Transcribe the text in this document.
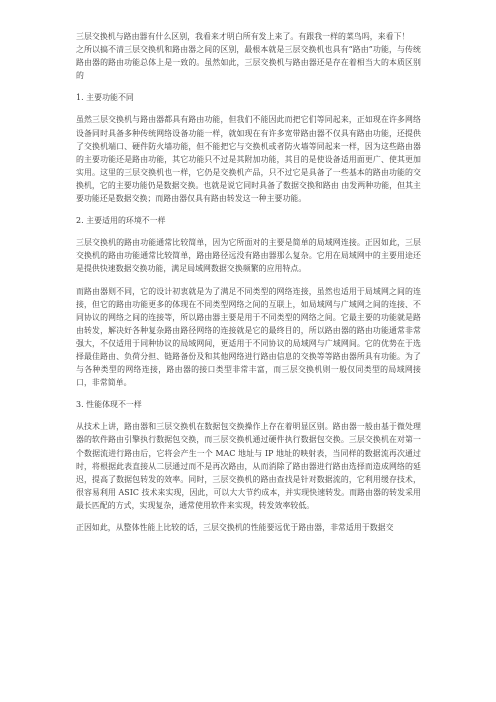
三层交换机与路由器有什么区别，我看来才明白所有发上来了。有跟我一样的菜鸟吗，来看下！

之所以搞不清三层交换机和路由器之间的区别，最根本就是三层交换机也具有“路由”功能，与传统路由器的路由功能总体上是一致的。虽然如此，三层交换机与路由器还是存在着相当大的本质区别的

1. 主要功能不同

虽然三层交换机与路由器都具有路由功能，但我们不能因此而把它们等同起来，正如现在许多网络设备同时具备多种传统网络设备功能一样，就如现在有许多宽带路由器不仅具有路由功能，还提供了交换机端口、硬件防火墙功能，但不能把它与交换机或者防火墙等同起来一样，因为这些路由器的主要功能还是路由功能，其它功能只不过是其附加功能，其目的是使设备适用面更广、使其更加实用。这里的三层交换机也一样，它仍是交换机产品，只不过它是具备了一些基本的路由功能的交换机，它的主要功能仍是数据交换。也就是说它同时具备了数据交换和路由 由发两种功能，但其主要功能还是数据交换；而路由器仅具有路由转发这一种主要功能。

2. 主要适用的环境不一样

三层交换机的路由功能通常比较简单，因为它所面对的主要是简单的局域网连接。正因如此，三层交换机的路由功能通常比较简单，路由路径远没有路由器那么复杂。它用在局域网中的主要用途还是提供快速数据交换功能，满足局域网数据交换频繁的应用特点。

而路由器则不同，它的设计初衷就是为了满足不同类型的网络连接，虽然也适用于局域网之间的连接，但它的路由功能更多的体现在不同类型网络之间的互联上，如局域网与广域网之间的连接、不同协议的网络之间的连接等，所以路由器主要是用于不同类型的网络之间。它最主要的功能就是路由转发，解决好各种复杂路由路径网络的连接就是它的最终目的，所以路由器的路由功能通常非常强大，不仅适用于同种协议的局域网间，更适用于不同协议的局域网与广域网间。它的优势在于选择最佳路由、负荷分担、链路备份及和其他网络进行路由信息的交换等等路由器所具有功能。为了与各种类型的网络连接，路由器的接口类型非常丰富，而三层交换机则一般仅同类型的局域网接口，非常简单。

3. 性能体现不一样

从技术上讲，路由器和三层交换机在数据包交换操作上存在着明显区别。路由器一般由基于微处理器的软件路由引擎执行数据包交换，而三层交换机通过硬件执行数据包交换。三层交换机在对第一个数据流进行路由后，它将会产生一个 MAC 地址与 IP 地址的映射表，当同样的数据流再次通过时，将根据此表直接从二层通过而不是再次路由，从而消除了路由器进行路由选择而造成网络的延迟，提高了数据包转发的效率。同时，三层交换机的路由查找是针对数据流的，它利用缓存技术，很容易利用 ASIC 技术来实现，因此，可以大大节约成本，并实现快速转发。而路由器的转发采用最长匹配的方式，实现复杂，通常使用软件来实现，转发效率较低。

正因如此，从整体性能上比较的话，三层交换机的性能要远优于路由器，非常适用于数据交
